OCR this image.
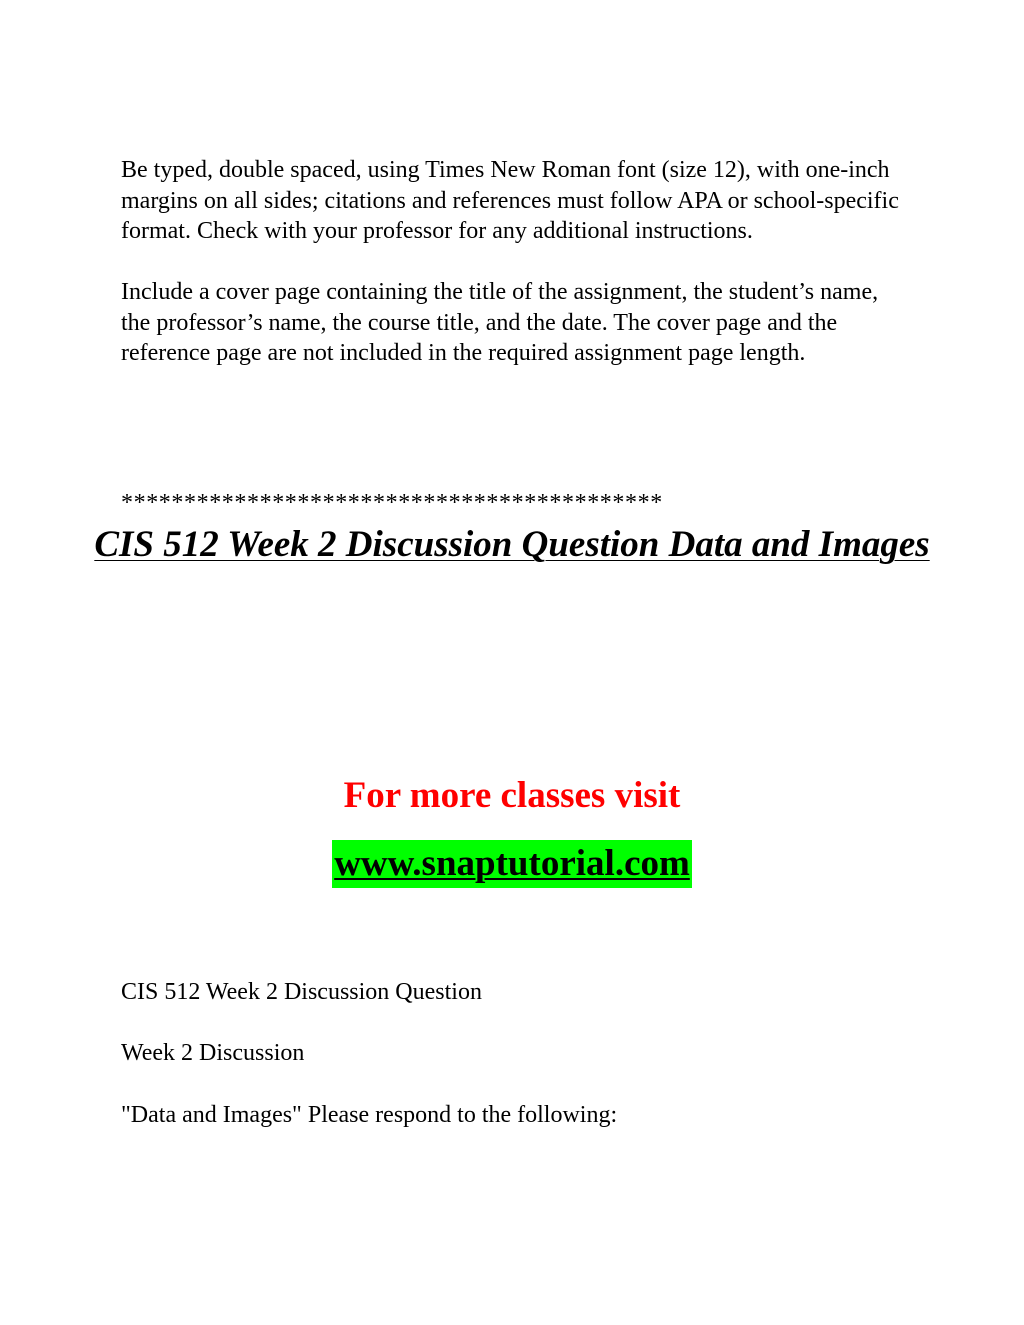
Be typed, double spaced, using Times New Roman font (size 12), with one-inch margins on all sides; citations and references must follow APA or school-specific format. Check with your professor for any additional instructions.

Include a cover page containing the title of the assignment, the student’s name, the professor’s name, the course title, and the date. The cover page and the reference page are not included in the required assignment page length.

*******************************************

CIS 512 Week 2 Discussion Question Data and Images

For more classes visit

www.snaptutorial.com

CIS 512 Week 2 Discussion Question

Week 2 Discussion

"Data and Images" Please respond to the following:
